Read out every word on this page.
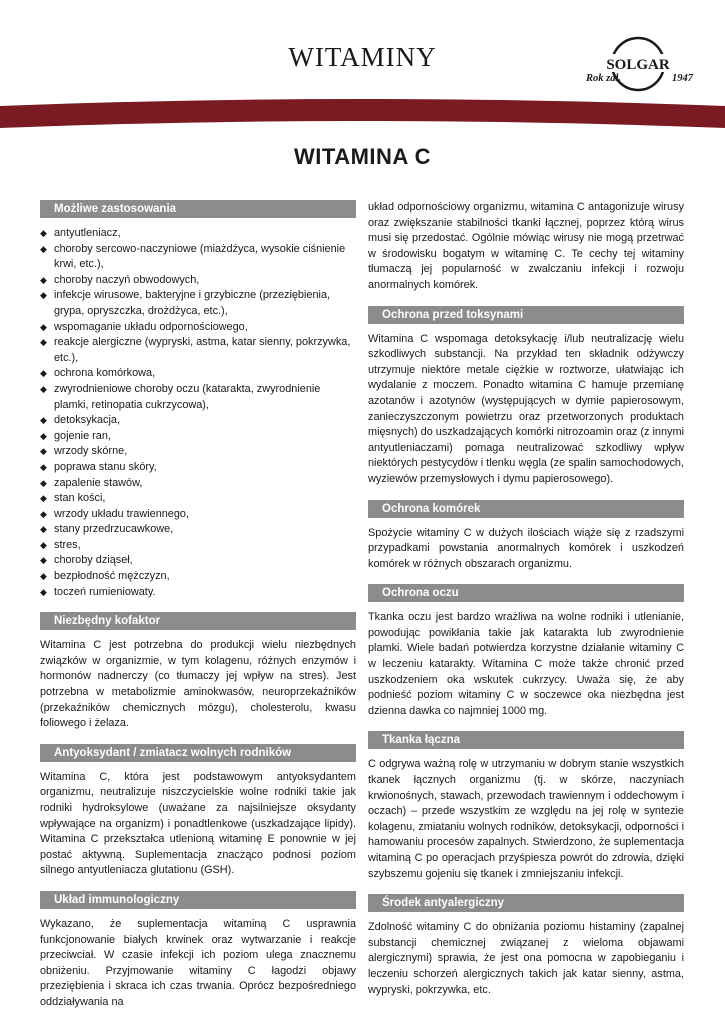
WITAMINY	SOLGAR
Rok zał.	1947
WITAMINA C
Możliwe zastosowania
◆ antyutleniacz,
◆ choroby sercowo-naczyniowe (miażdżyca, wysokie ciśnienie krwi, etc.),
◆ choroby naczyń obwodowych,
◆ infekcje wirusowe, bakteryjne i grzybiczne (przeziębienia, grypa, opryszczka, drożdżyca, etc.),
◆ wspomaganie układu odpornościowego,
◆ reakcje alergiczne (wypryski, astma, katar sienny, pokrzywka, etc.),
◆ ochrona komórkowa,
◆ zwyrodnieniowe choroby oczu (katarakta, zwyrodnienie plamki, retinopatia cukrzycowa),
◆ detoksykacja,
◆ gojenie ran,
◆ wrzody skórne,
◆ poprawa stanu skóry,
◆ zapalenie stawów,
◆ stan kości,
◆ wrzody układu trawiennego,
◆ stany przedrzucawkowe,
◆ stres,
◆ choroby dziąseł,
◆ bezpłodność mężczyzn,
◆ toczeń rumieniowaty.
Niezbędny kofaktor

Witamina C jest potrzebna do produkcji wielu niezbędnych związków w organizmie, w tym kolagenu, różnych enzymów i hormonów nadnerczy (co tłumaczy jej wpływ na stres). Jest potrzebna w metabolizmie aminokwasów, neuroprzekaźników (przekaźników chemicznych mózgu), cholesterolu, kwasu foliowego i żelaza.

Antyoksydant / zmiatacz wolnych rodników

Witamina C, która jest podstawowym antyoksydantem organizmu, neutralizuje niszczycielskie wolne rodniki takie jak rodniki hydroksylowe (uważane za najsilniejsze oksydanty wpływające na organizm) i ponadtlenkowe (uszkadzające lipidy). Witamina C przekształca utlenioną witaminę E ponownie w jej postać aktywną. Suplementacja znacząco podnosi poziom silnego antyutleniacza glutationu (GSH).

Układ immunologiczny

Wykazano, że suplementacja witaminą C usprawnia funkcjonowanie białych krwinek oraz wytwarzanie i reakcje przeciwciał. W czasie infekcji ich poziom ulega znacznemu obniżeniu. Przyjmowanie witaminy C łagodzi objawy przeziębienia i skraca ich czas trwania. Oprócz bezpośredniego oddziaływania na

układ odpornościowy organizmu, witamina C antagonizuje wirusy oraz zwiększanie stabilności tkanki łącznej, poprzez którą wirus musi się przedostać. Ogólnie mówiąc wirusy nie mogą przetrwać w środowisku bogatym w witaminę C. Te cechy tej witaminy tłumaczą jej popularność w zwalczaniu infekcji i rozwoju anormalnych komórek.

Ochrona przed toksynami

Witamina C wspomaga detoksykację i/lub neutralizację wielu szkodliwych substancji. Na przykład ten składnik odżywczy utrzymuje niektóre metale ciężkie w roztworze, ułatwiając ich wydalanie z moczem. Ponadto witamina C hamuje przemianę azotanów i azotynów (występujących w dymie papierosowym, zanieczyszczonym powietrzu oraz przetworzonych produktach mięsnych) do uszkadzających komórki nitrozoamin oraz (z innymi antyutleniaczami) pomaga neutralizować szkodliwy wpływ niektórych pestycydów i tlenku węgla (ze spalin samochodowych, wyziewów przemysłowych i dymu papierosowego).

Ochrona komórek

Spożycie witaminy C w dużych ilościach wiąże się z rzadszymi przypadkami powstania anormalnych komórek i uszkodzeń komórek w różnych obszarach organizmu.

Ochrona oczu

Tkanka oczu jest bardzo wrażliwa na wolne rodniki i utlenianie, powodując powikłania takie jak katarakta lub zwyrodnienie plamki. Wiele badań potwierdza korzystne działanie witaminy C w leczeniu katarakty. Witamina C może także chronić przed uszkodzeniem oka wskutek cukrzycy. Uważa się, że aby podnieść poziom witaminy C w soczewce oka niezbędna jest dzienna dawka co najmniej 1000 mg.

Tkanka łączna

C odgrywa ważną rolę w utrzymaniu w dobrym stanie wszystkich tkanek łącznych organizmu (tj. w skórze, naczyniach krwionośnych, stawach, przewodach trawiennym i oddechowym i oczach) – przede wszystkim ze względu na jej rolę w syntezie kolagenu, zmiataniu wolnych rodników, detoksykacji, odporności i hamowaniu procesów zapalnych. Stwierdzono, że suplementacja witaminą C po operacjach przyśpiesza powrót do zdrowia, dzięki szybszemu gojeniu się tkanek i zmniejszaniu infekcji.

Środek antyalergiczny

Zdolność witaminy C do obniżania poziomu histaminy (zapalnej substancji chemicznej związanej z wieloma objawami alergicznymi) sprawia, że jest ona pomocna w zapobieganiu i leczeniu schorzeń alergicznych takich jak katar sienny, astma, wypryski, pokrzywka, etc.
